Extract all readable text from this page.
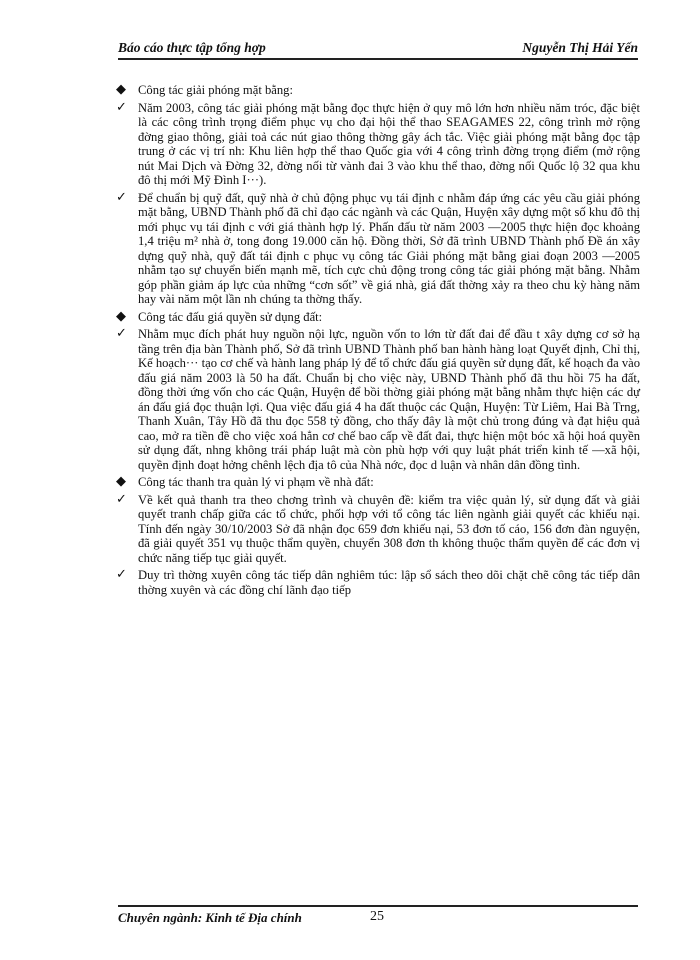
Báo cáo thực tập tổng hợp	Nguyễn Thị Hải Yến
◆ Công tác giải phóng mặt bằng:
✓ Năm 2003, công tác giải phóng mặt bằng đọc thực hiện ở quy mô lớn hơn nhiều năm tróc, đặc biệt là các công trình trọng điểm phục vụ cho đại hội thể thao SEAGAMES 22, công trình mở rộng đờng giao thông, giải toả các nút giao thông thờng gây ách tắc. Việc giải phóng mặt bằng đọc tập trung ở các vị trí nh: Khu liên hợp thể thao Quốc gia với 4 công trình đờng trọng điểm (mở rộng nút Mai Dịch và Đờng 32, đờng nối từ vành đai 3 vào khu thể thao, đờng nối Quốc lộ 32 qua khu đô thị mới Mỹ Đình I···).
✓ Để chuẩn bị quỹ đất, quỹ nhà ở chủ động phục vụ tái định c nhằm đáp ứng các yêu cầu giải phóng mặt bằng, UBND Thành phố đã chỉ đạo các ngành và các Quận, Huyện xây dựng một số khu đô thị mới phục vụ tái định c với giá thành hợp lý. Phấn đấu từ năm 2003 —2005 thực hiện đọc khoảng 1,4 triệu m² nhà ở, tong đong 19.000 căn hộ. Đồng thời, Sở đã trình UBND Thành phố Đề án xây dựng quỹ nhà, quỹ đất tái định c phục vụ công tác Giải phóng mặt bằng giai đoạn 2003 —2005 nhằm tạo sự chuyển biến mạnh mẽ, tích cực chủ động trong công tác giải phóng mặt bằng. Nhằm góp phần giảm áp lực của những “cơn sốt” về giá nhà, giá đất thờng xảy ra theo chu kỳ hàng năm hay vài năm một lần nh chúng ta thờng thấy.
◆ Công tác đấu giá quyền sử dụng đất:
✓ Nhằm mục đích phát huy nguồn nội lực, nguồn vốn to lớn từ đất đai để đầu t xây dựng cơ sở hạ tầng trên địa bàn Thành phố, Sở đã trình UBND Thành phố ban hành hàng loạt Quyết định, Chỉ thị, Kế hoạch··· tạo cơ chế và hành lang pháp lý để tổ chức đấu giá quyền sử dụng đất, kế hoạch đa vào đấu giá năm 2003 là 50 ha đất. Chuẩn bị cho việc này, UBND Thành phố đã thu hồi 75 ha đất, đồng thời ứng vốn cho các Quận, Huyện để bồi thờng giải phóng mặt bằng nhằm thực hiện các dự án đấu giá đọc thuận lợi. Qua việc đấu giá 4 ha đất thuộc các Quận, Huyện: Từ Liêm, Hai Bà Trng, Thanh Xuân, Tây Hồ đã thu đọc 558 tỷ đồng, cho thấy đây là một chủ trong đúng và đạt hiệu quả cao, mở ra tiền đề cho việc xoá hẳn cơ chế bao cấp về đất đai, thực hiện một bóc xã hội hoá quyền sử dụng đất, nhng không trái pháp luật mà còn phù hợp với quy luật phát triển kinh tế —xã hội, quyền định đoạt hởng chênh lệch địa tô của Nhà nớc, đọc d luận và nhân dân đồng tình.
◆ Công tác thanh tra quản lý vi phạm về nhà đất:
✓ Về kết quả thanh tra theo chơng trình và chuyên đề: kiểm tra việc quản lý, sử dụng đất và giải quyết tranh chấp giữa các tổ chức, phối hợp với tổ công tác liên ngành giải quyết các khiếu nại. Tính đến ngày 30/10/2003 Sở đã nhận đọc 659 đơn khiếu nại, 53 đơn tố cáo, 156 đơn đàn nguyện, đã giải quyết 351 vụ thuộc thẩm quyền, chuyển 308 đơn th không thuộc thẩm quyền để các đơn vị chức năng tiếp tục giải quyết.
✓ Duy trì thờng xuyên công tác tiếp dân nghiêm túc: lập sổ sách theo dõi chặt chẽ công tác tiếp dân thờng xuyên và các đồng chí lãnh đạo tiếp
Chuyên ngành: Kinh tế Địa chính	25
